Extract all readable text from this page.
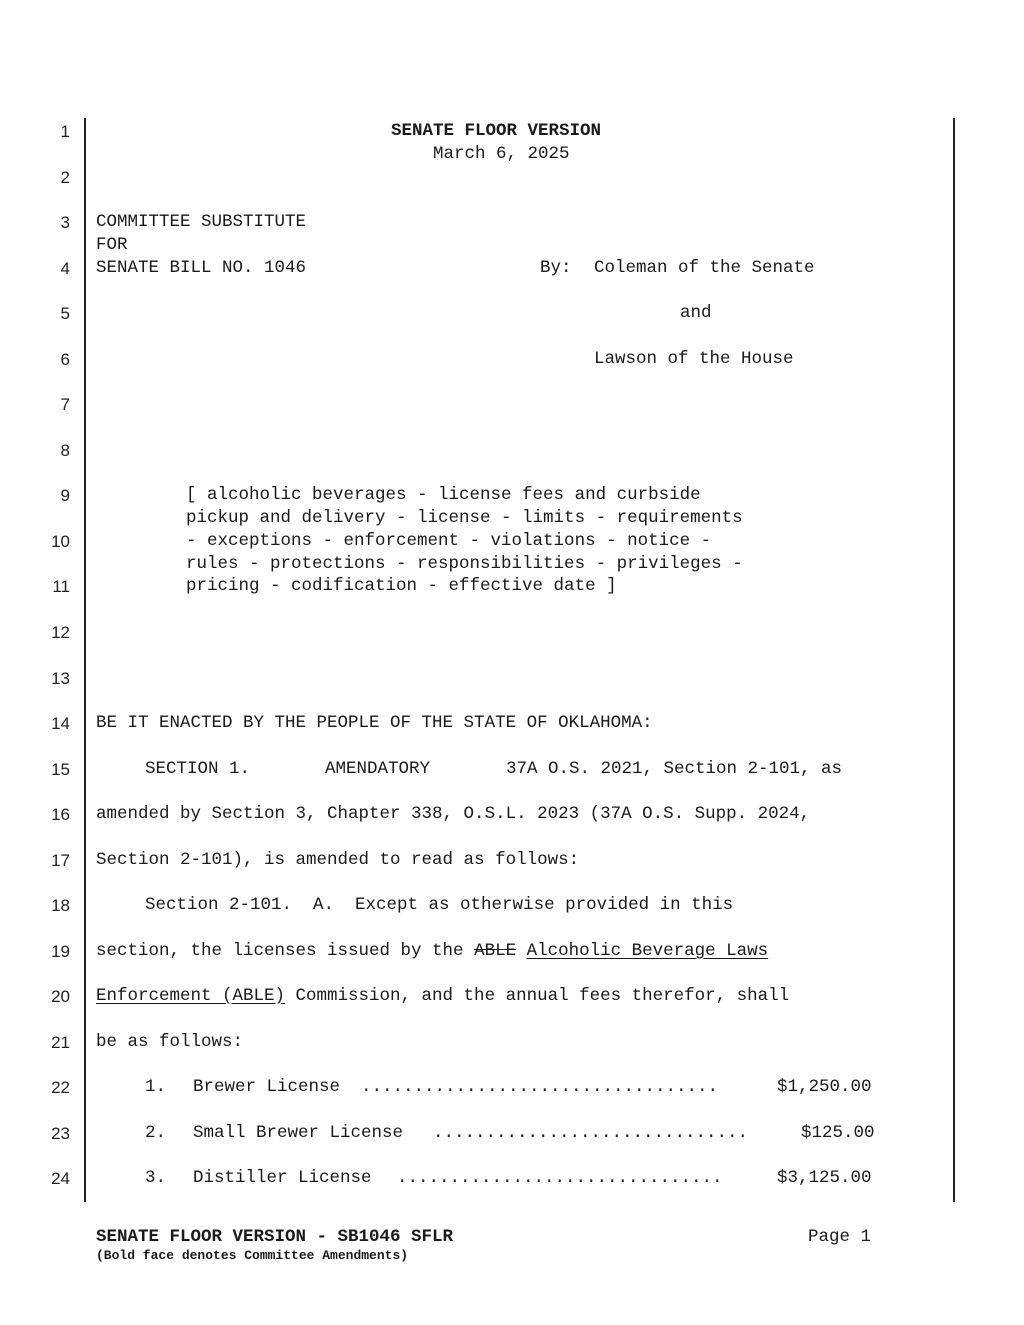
1
2
3
4
5
6
7
8
9
10
11
12
13
14
15
16
17
18
19
20
21
22
23
24
SENATE FLOOR VERSION
March 6, 2025
COMMITTEE SUBSTITUTE
FOR
SENATE BILL NO. 1046	By: Coleman of the Senate
and
Lawson of the House
[ alcoholic beverages - license fees and curbside
pickup and delivery - license - limits - requirements
- exceptions - enforcement - violations - notice -
rules - protections - responsibilities - privileges -
pricing - codification - effective date ]
BE IT ENACTED BY THE PEOPLE OF THE STATE OF OKLAHOMA:
SECTION 1.	AMENDATORY	37A O.S. 2021, Section 2-101, as
amended by Section 3, Chapter 338, O.S.L. 2023 (37A O.S. Supp. 2024,
Section 2-101), is amended to read as follows:
Section 2-101.  A.  Except as otherwise provided in this
section, the licenses issued by the ABLE Alcoholic Beverage Laws
Enforcement (ABLE) Commission, and the annual fees therefor, shall
be as follows:
1. Brewer License ..................................	$1,250.00
2. Small Brewer License ..............................	$125.00
3. Distiller License ...............................	$3,125.00
SENATE FLOOR VERSION - SB1046 SFLR
(Bold face denotes Committee Amendments)
Page 1
